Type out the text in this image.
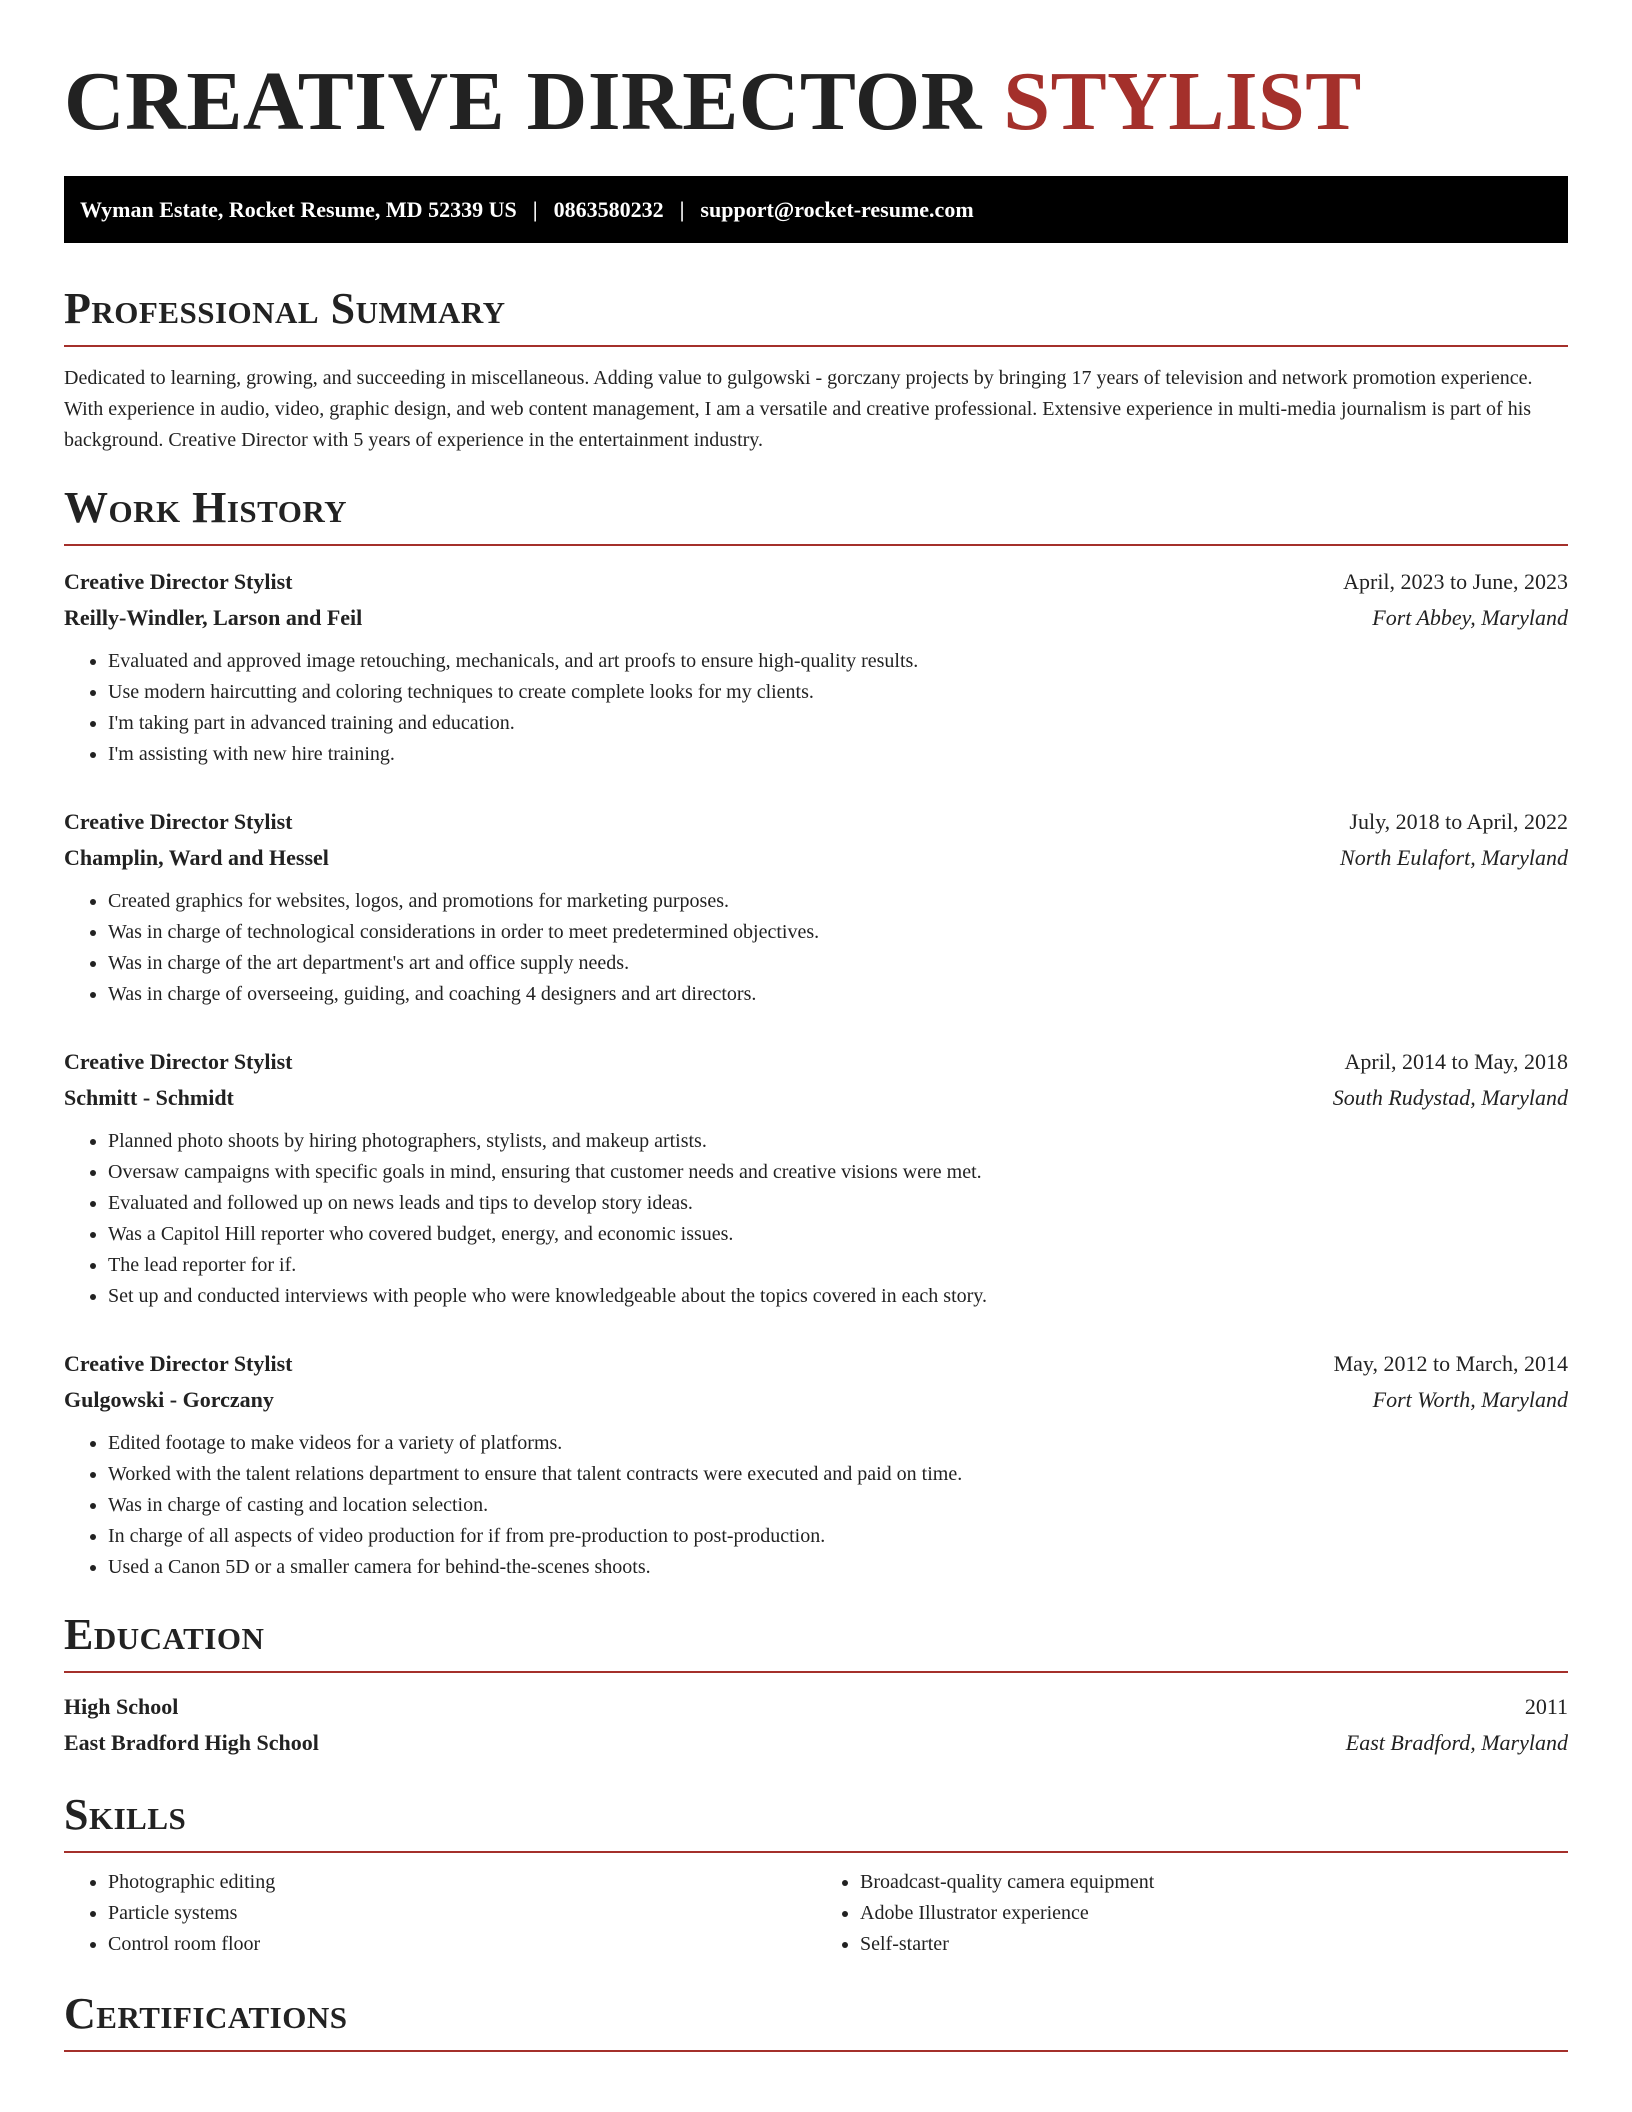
CREATIVE DIRECTOR STYLIST
Wyman Estate, Rocket Resume, MD 52339 US | 0863580232 | support@rocket-resume.com
Professional Summary

Dedicated to learning, growing, and succeeding in miscellaneous. Adding value to gulgowski - gorczany projects by bringing 17 years of television and network promotion experience. With experience in audio, video, graphic design, and web content management, I am a versatile and creative professional. Extensive experience in multi-media journalism is part of his background. Creative Director with 5 years of experience in the entertainment industry.

Work History
Creative Director Stylist	April, 2023 to June, 2023
Reilly-Windler, Larson and Feil	Fort Abbey, Maryland
• Evaluated and approved image retouching, mechanicals, and art proofs to ensure high-quality results.
• Use modern haircutting and coloring techniques to create complete looks for my clients.
• I'm taking part in advanced training and education.
• I'm assisting with new hire training.
Creative Director Stylist	July, 2018 to April, 2022
Champlin, Ward and Hessel	North Eulafort, Maryland
• Created graphics for websites, logos, and promotions for marketing purposes.
• Was in charge of technological considerations in order to meet predetermined objectives.
• Was in charge of the art department's art and office supply needs.
• Was in charge of overseeing, guiding, and coaching 4 designers and art directors.
Creative Director Stylist	April, 2014 to May, 2018
Schmitt - Schmidt	South Rudystad, Maryland
• Planned photo shoots by hiring photographers, stylists, and makeup artists.
• Oversaw campaigns with specific goals in mind, ensuring that customer needs and creative visions were met.
• Evaluated and followed up on news leads and tips to develop story ideas.
• Was a Capitol Hill reporter who covered budget, energy, and economic issues.
• The lead reporter for if.
• Set up and conducted interviews with people who were knowledgeable about the topics covered in each story.
Creative Director Stylist	May, 2012 to March, 2014
Gulgowski - Gorczany	Fort Worth, Maryland
• Edited footage to make videos for a variety of platforms.
• Worked with the talent relations department to ensure that talent contracts were executed and paid on time.
• Was in charge of casting and location selection.
• In charge of all aspects of video production for if from pre-production to post-production.
• Used a Canon 5D or a smaller camera for behind-the-scenes shoots.
Education
High School	2011
East Bradford High School	East Bradford, Maryland
Skills
• Photographic editing
• Particle systems
• Control room floor
• Broadcast-quality camera equipment
• Adobe Illustrator experience
• Self-starter
Certifications
